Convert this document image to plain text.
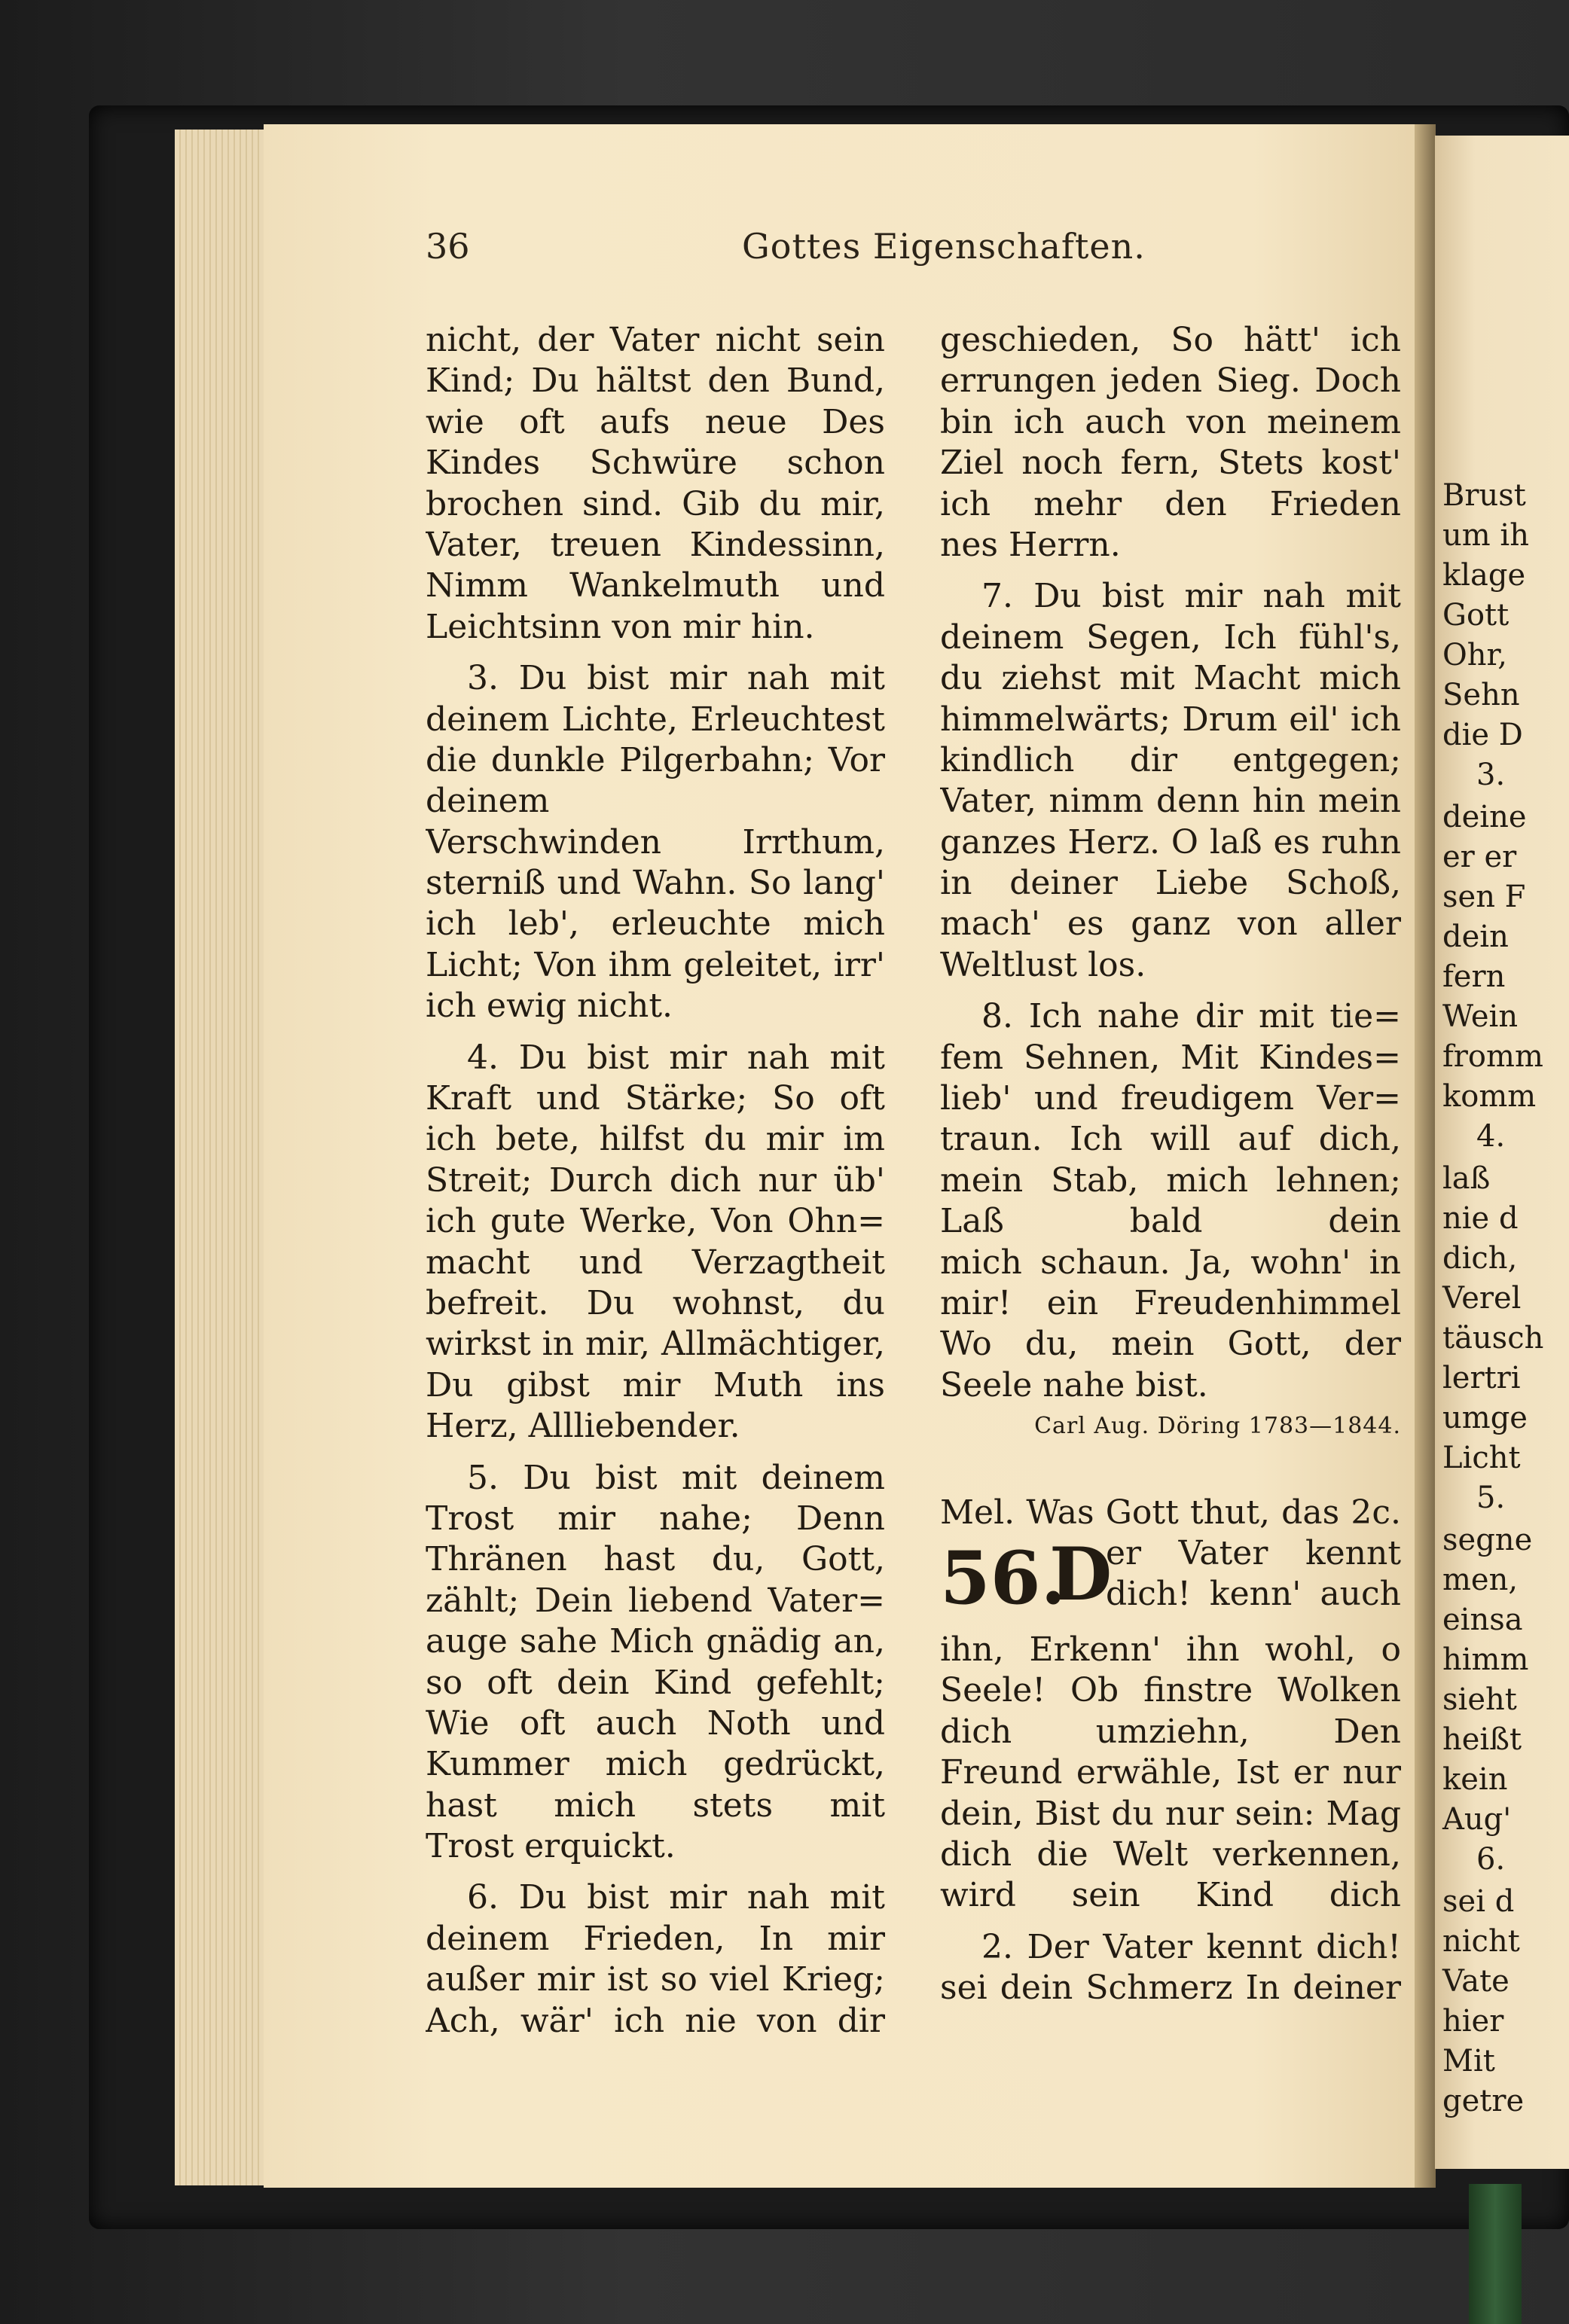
Brust
um ih
klage
Gott
Ohr,
Sehn
die D
3.
deine
er er
sen F
dein
fern
Wein
fromm
komm
4.
laß
nie d
dich,
Verel
täusch
lertri
umge
Licht
5.
segne
men,
einsa
himm
sieht
heißt
kein
Aug'
6.
sei d
nicht
Vate
hier
Mit
getre
36	Gottes Eigenschaften.
nicht, der Vater nicht sein
Kind; Du hältst den Bund,
wie oft aufs neue Des
Kindes Schwüre schon
brochen sind. Gib du mir,
Vater, treuen Kindessinn,
Nimm Wankelmuth und
Leichtsinn von mir hin.
3. Du bist mir nah mit
deinem Lichte, Erleuchtest
die dunkle Pilgerbahn; Vor
deinem
Verschwinden Irrthum,
sterniß und Wahn. So lang'
ich leb', erleuchte mich
Licht; Von ihm geleitet, irr'
ich ewig nicht.
4. Du bist mir nah mit
Kraft und Stärke; So oft
ich bete, hilfst du mir im
Streit; Durch dich nur üb'
ich gute Werke, Von Ohn=
macht und Verzagtheit
befreit. Du wohnst, du
wirkst in mir, Allmächtiger,
Du gibst mir Muth ins
Herz, Allliebender.
5. Du bist mit deinem
Trost mir nahe; Denn
Thränen hast du, Gott,
zählt; Dein liebend Vater=
auge sahe Mich gnädig an,
so oft dein Kind gefehlt;
Wie oft auch Noth und
Kummer mich gedrückt,
hast mich stets mit
Trost erquickt.
6. Du bist mir nah mit
deinem Frieden, In mir
außer mir ist so viel Krieg;
Ach, wär' ich nie von dir
geschieden, So hätt' ich
errungen jeden Sieg. Doch
bin ich auch von meinem
Ziel noch fern, Stets kost'
ich mehr den Frieden
nes Herrn.
7. Du bist mir nah mit
deinem Segen, Ich fühl's,
du ziehst mit Macht mich
himmelwärts; Drum eil' ich
kindlich dir entgegen;
Vater, nimm denn hin mein
ganzes Herz. O laß es ruhn
in deiner Liebe Schoß,
mach' es ganz von aller
Weltlust los.
8. Ich nahe dir mit tie=
fem Sehnen, Mit Kindes=
lieb' und freudigem Ver=
traun. Ich will auf dich,
mein Stab, mich lehnen;
Laß bald dein
mich schaun. Ja, wohn' in
mir! ein Freudenhimmel
Wo du, mein Gott, der
Seele nahe bist.
Carl Aug. Döring 1783—1844.
Mel. Was Gott thut, das 2c.
56.
D
er Vater kennt
dich! kenn' auch
ihn, Erkenn' ihn wohl, o
Seele! Ob finstre Wolken
dich umziehn, Den
Freund erwähle, Ist er nur
dein, Bist du nur sein: Mag
dich die Welt verkennen,
wird sein Kind dich
2. Der Vater kennt dich!
sei dein Schmerz In deiner
